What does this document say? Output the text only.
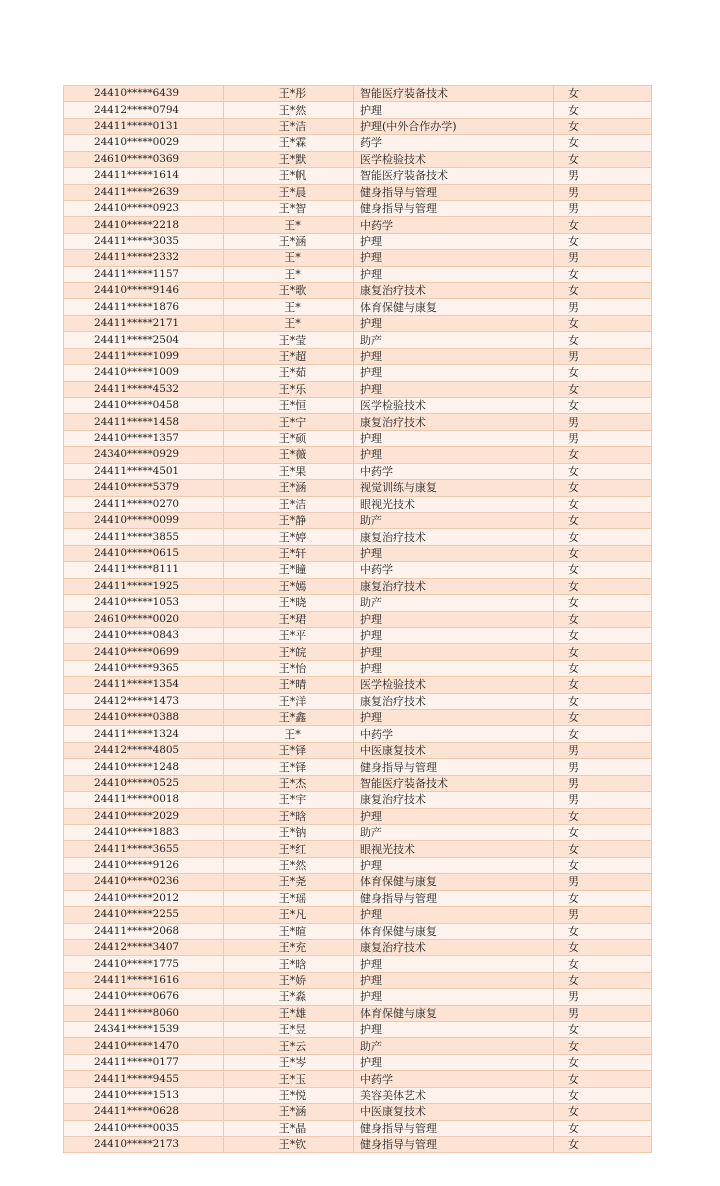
24410*****6439	王*彤	智能医疗装备技术	女
24412*****0794	王*然	护理	女
24411*****0131	王*洁	护理(中外合作办学)	女
24410*****0029	王*霖	药学	女
24610*****0369	王*默	医学检验技术	女
24411*****1614	王*帆	智能医疗装备技术	男
24411*****2639	王*晨	健身指导与管理	男
24410*****0923	王*智	健身指导与管理	男
24410*****2218	王*	中药学	女
24411*****3035	王*涵	护理	女
24411*****2332	王*	护理	男
24411*****1157	王*	护理	女
24410*****9146	王*歌	康复治疗技术	女
24411*****1876	王*	体育保健与康复	男
24411*****2171	王*	护理	女
24411*****2504	王*莹	助产	女
24411*****1099	王*超	护理	男
24410*****1009	王*茹	护理	女
24411*****4532	王*乐	护理	女
24410*****0458	王*恒	医学检验技术	女
24411*****1458	王*宁	康复治疗技术	男
24410*****1357	王*硕	护理	男
24340*****0929	王*薇	护理	女
24411*****4501	王*果	中药学	女
24410*****5379	王*涵	视觉训练与康复	女
24411*****0270	王*洁	眼视光技术	女
24410*****0099	王*静	助产	女
24411*****3855	王*婷	康复治疗技术	女
24410*****0615	王*轩	护理	女
24411*****8111	王*瞳	中药学	女
24411*****1925	王*嫣	康复治疗技术	女
24410*****1053	王*晓	助产	女
24610*****0020	王*珺	护理	女
24410*****0843	王*平	护理	女
24410*****0699	王*皖	护理	女
24410*****9365	王*怡	护理	女
24411*****1354	王*晴	医学检验技术	女
24412*****1473	王*洋	康复治疗技术	女
24410*****0388	王*鑫	护理	女
24411*****1324	王*	中药学	女
24412*****4805	王*铎	中医康复技术	男
24410*****1248	王*铎	健身指导与管理	男
24410*****0525	王*杰	智能医疗装备技术	男
24411*****0018	王*宇	康复治疗技术	男
24410*****2029	王*晗	护理	女
24410*****1883	王*钠	助产	女
24411*****3655	王*红	眼视光技术	女
24410*****9126	王*然	护理	女
24410*****0236	王*尧	体育保健与康复	男
24410*****2012	王*瑶	健身指导与管理	女
24410*****2255	王*凡	护理	男
24411*****2068	王*暄	体育保健与康复	女
24412*****3407	王*充	康复治疗技术	女
24410*****1775	王*晗	护理	女
24411*****1616	王*娇	护理	女
24410*****0676	王*淼	护理	男
24411*****8060	王*雄	体育保健与康复	男
24341*****1539	王*昱	护理	女
24410*****1470	王*云	助产	女
24411*****0177	王*岑	护理	女
24411*****9455	王*玉	中药学	女
24410*****1513	王*悦	美容美体艺术	女
24411*****0628	王*涵	中医康复技术	女
24410*****0035	王*晶	健身指导与管理	女
24410*****2173	王*钦	健身指导与管理	女
